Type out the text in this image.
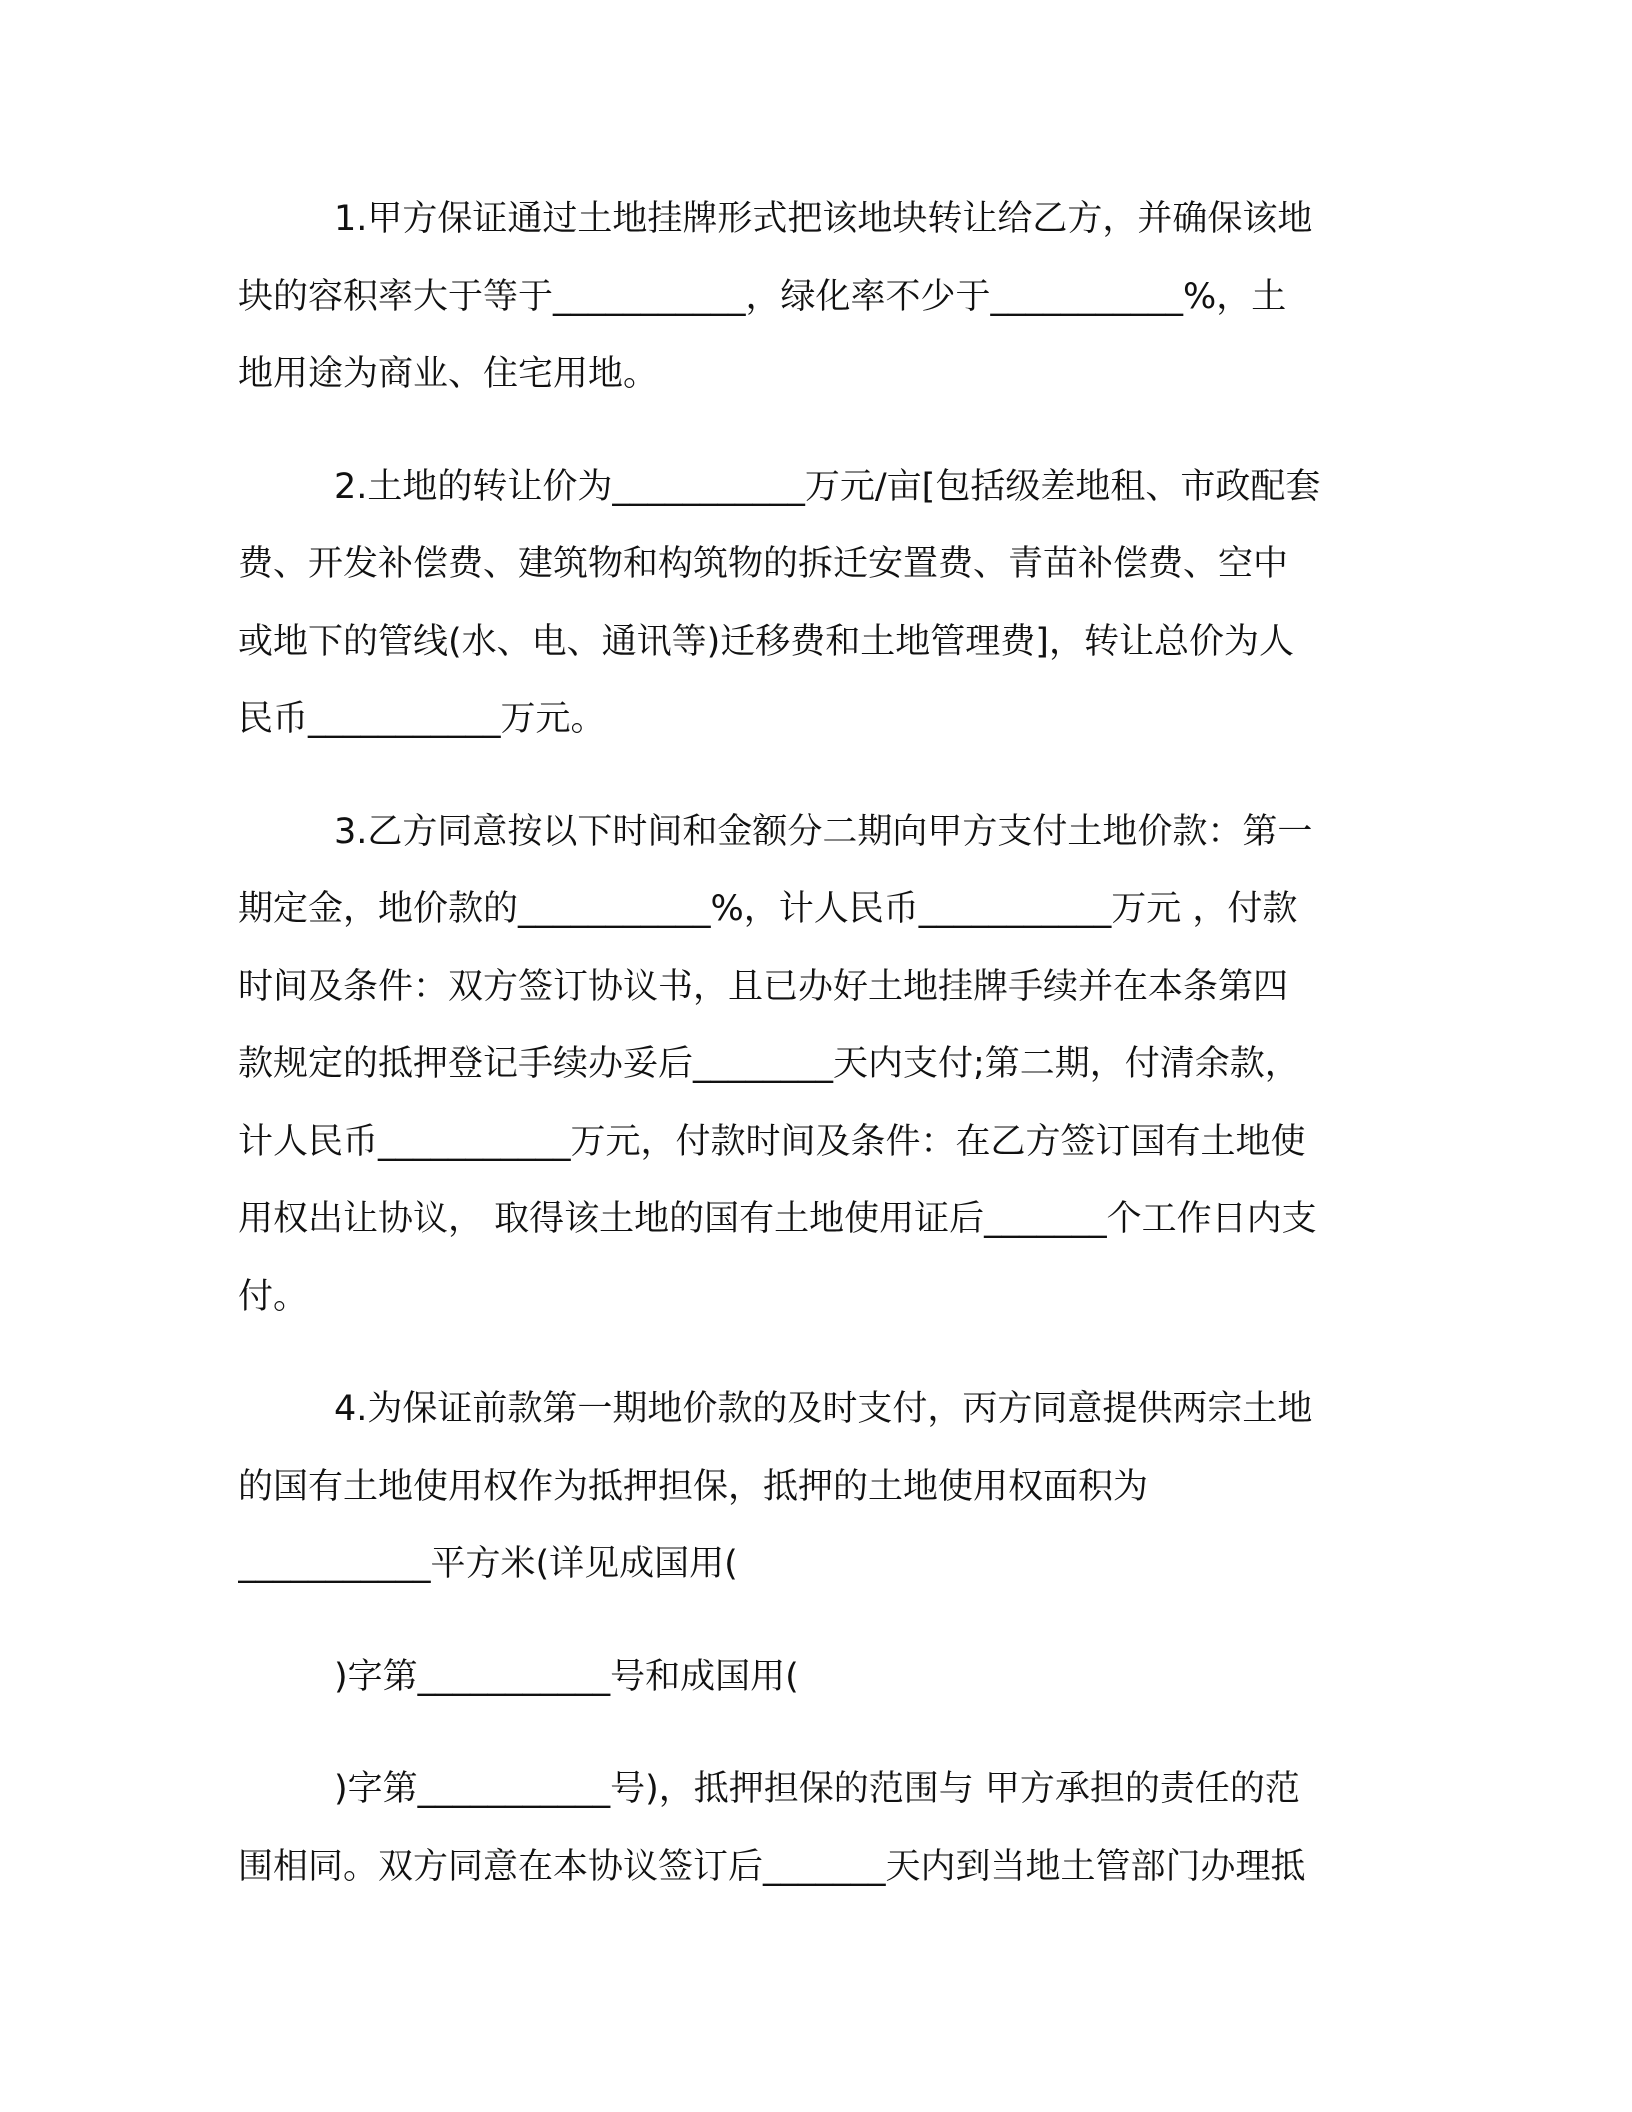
1.甲方保证通过土地挂牌形式把该地块转让给乙方，并确保该地
块的容积率大于等于___________，绿化率不少于___________%，土
地用途为商业、住宅用地。
2.土地的转让价为___________万元/亩[包括级差地租、市政配套
费、开发补偿费、建筑物和构筑物的拆迁安置费、青苗补偿费、空中
或地下的管线(水、电、通讯等)迁移费和土地管理费]，转让总价为人
民币___________万元。
3.乙方同意按以下时间和金额分二期向甲方支付土地价款：第一
期定金，地价款的___________%，计人民币___________万元 ，付款
时间及条件：双方签订协议书，且已办好土地挂牌手续并在本条第四
款规定的抵押登记手续办妥后________天内支付;第二期，付清余款，
计人民币___________万元，付款时间及条件：在乙方签订国有土地使
用权出让协议， 取得该土地的国有土地使用证后_______个工作日内支
付。
4.为保证前款第一期地价款的及时支付，丙方同意提供两宗土地
的国有土地使用权作为抵押担保，抵押的土地使用权面积为
___________平方米(详见成国用(
)字第___________号和成国用(
)字第___________号)，抵押担保的范围与 甲方承担的责任的范
围相同。双方同意在本协议签订后_______天内到当地土管部门办理抵
